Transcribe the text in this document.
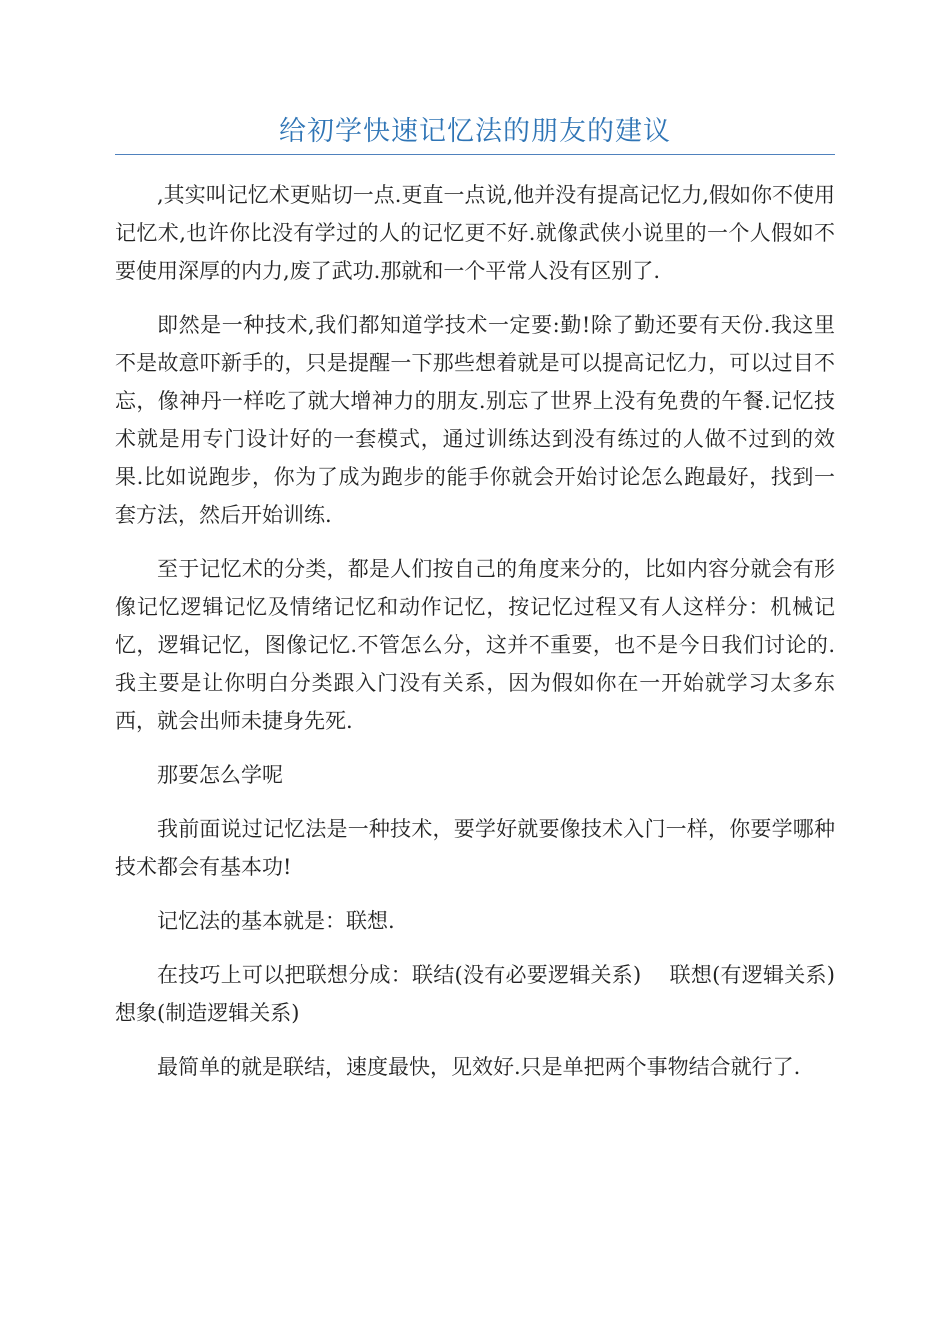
给初学快速记忆法的朋友的建议

,其实叫记忆术更贴切一点.更直一点说,他并没有提高记忆力,假如你不使用记忆术,也许你比没有学过的人的记忆更不好.就像武侠小说里的一个人假如不要使用深厚的内力,废了武功.那就和一个平常人没有区别了.

即然是一种技术,我们都知道学技术一定要:勤!除了勤还要有天份.我这里不是故意吓新手的，只是提醒一下那些想着就是可以提高记忆力，可以过目不忘，像神丹一样吃了就大增神力的朋友.别忘了世界上没有免费的午餐.记忆技术就是用专门设计好的一套模式，通过训练达到没有练过的人做不过到的效果.比如说跑步，你为了成为跑步的能手你就会开始讨论怎么跑最好，找到一套方法，然后开始训练.

至于记忆术的分类，都是人们按自己的角度来分的，比如内容分就会有形像记忆逻辑记忆及情绪记忆和动作记忆，按记忆过程又有人这样分：机械记忆，逻辑记忆，图像记忆.不管怎么分，这并不重要，也不是今日我们讨论的.我主要是让你明白分类跟入门没有关系，因为假如你在一开始就学习太多东西，就会出师未捷身先死.

那要怎么学呢

我前面说过记忆法是一种技术，要学好就要像技术入门一样，你要学哪种技术都会有基本功!

记忆法的基本就是：联想.

在技巧上可以把联想分成：联结(没有必要逻辑关系)　 联想(有逻辑关系)　想象(制造逻辑关系)

最简单的就是联结，速度最快，见效好.只是单把两个事物结合就行了.
